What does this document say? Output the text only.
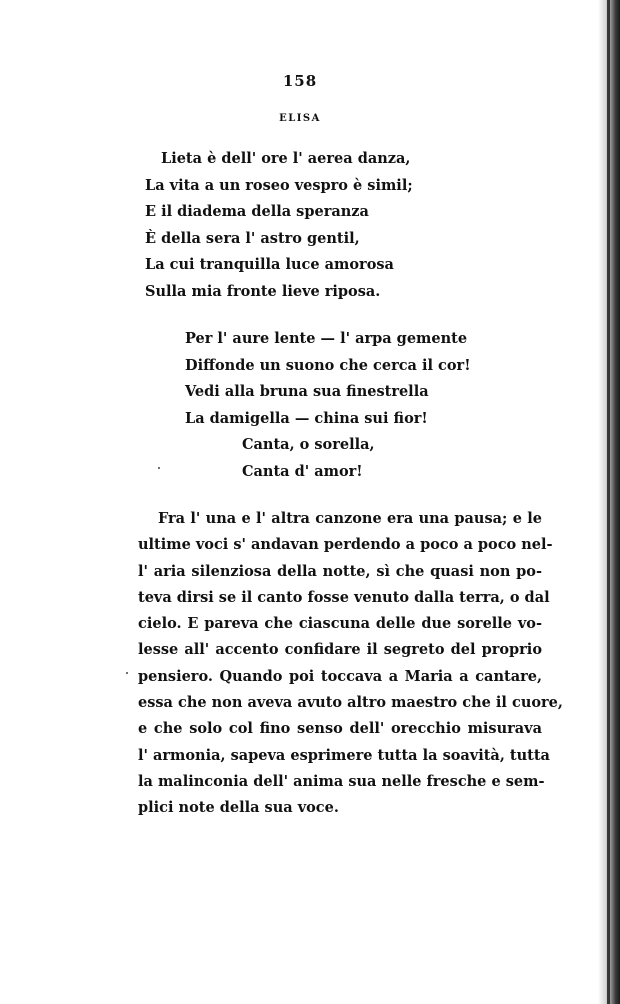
158
ELISA
Lieta è dell' ore l' aerea danza,
La vita a un roseo vespro è simil;
E il diadema della speranza
È della sera l' astro gentil,
La cui tranquilla luce amorosa
Sulla mia fronte lieve riposa.
Per l' aure lente — l' arpa gemente
Diffonde un suono che cerca il cor!
Vedi alla bruna sua finestrella
La damigella — china sui fior!
Canta, o sorella,
Canta d' amor!
Fra l' una e l' altra canzone era una pausa; e le
ultime voci s' andavan perdendo a poco a poco nel-
l' aria silenziosa della notte, sì che quasi non po-
teva dirsi se il canto fosse venuto dalla terra, o dal
cielo. E pareva che ciascuna delle due sorelle vo-
lesse all' accento confidare il segreto del proprio
pensiero. Quando poi toccava a Maria a cantare,
essa che non aveva avuto altro maestro che il cuore,
e che solo col fino senso dell' orecchio misurava
l' armonia, sapeva esprimere tutta la soavità, tutta
la malinconia dell' anima sua nelle fresche e sem-
plici note della sua voce.
